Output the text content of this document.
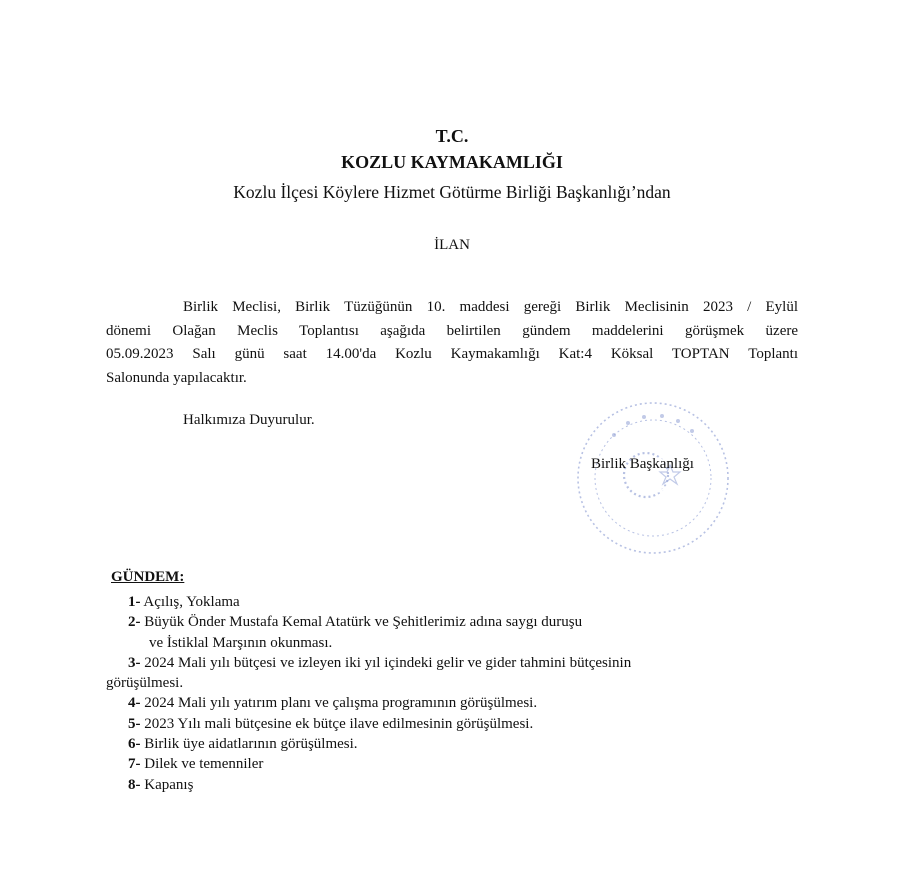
T.C.
KOZLU KAYMAKAMLIĞI
Kozlu İlçesi Köylere Hizmet Götürme Birliği Başkanlığı’ndan
İLAN
Birlik Meclisi, Birlik Tüzüğünün 10. maddesi gereği Birlik Meclisinin 2023 / Eylül
dönemi Olağan Meclis Toplantısı aşağıda belirtilen gündem maddelerini görüşmek üzere
05.09.2023 Salı günü saat 14.00'da Kozlu Kaymakamlığı Kat:4 Köksal TOPTAN Toplantı
Salonunda yapılacaktır.
Halkımıza Duyurulur.
Birlik Başkanlığı
GÜNDEM:
1- Açılış, Yoklama
2- Büyük Önder Mustafa Kemal Atatürk ve Şehitlerimiz adına saygı duruşu
ve İstiklal Marşının okunması.
3- 2024 Mali yılı bütçesi ve izleyen iki yıl içindeki gelir ve gider tahmini bütçesinin
görüşülmesi.
4- 2024 Mali yılı yatırım planı ve çalışma programının görüşülmesi.
5- 2023 Yılı mali bütçesine ek bütçe ilave edilmesinin görüşülmesi.
6- Birlik üye aidatlarının görüşülmesi.
7- Dilek ve temenniler
8- Kapanış
